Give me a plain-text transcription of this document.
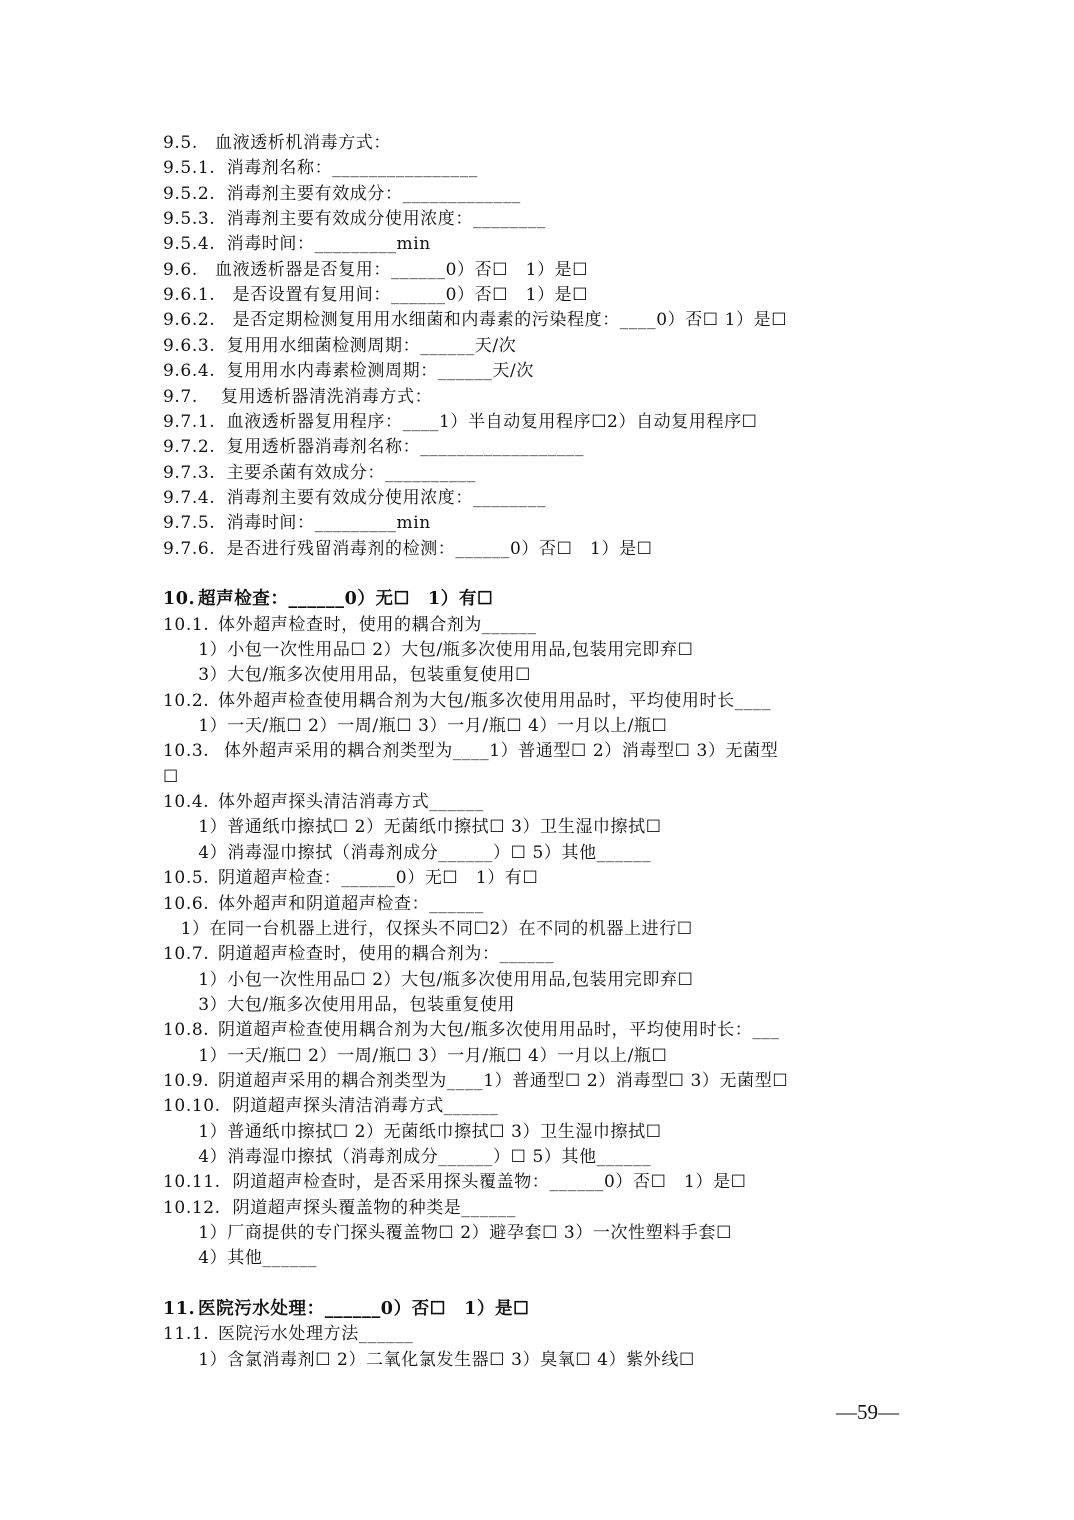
9.5. 血液透析机消毒方式：
9.5.1. 消毒剂名称：________________
9.5.2. 消毒剂主要有效成分：_____________
9.5.3. 消毒剂主要有效成分使用浓度：________
9.5.4. 消毒时间：_________min
9.6. 血液透析器是否复用：______0）否☐　1）是☐
9.6.1. 是否设置有复用间：______0）否☐　1）是☐
9.6.2. 是否定期检测复用用水细菌和内毒素的污染程度：____0）否☐ 1）是☐
9.6.3. 复用用水细菌检测周期：______天/次
9.6.4. 复用用水内毒素检测周期：______天/次
9.7. 复用透析器清洗消毒方式：
9.7.1. 血液透析器复用程序：____1）半自动复用程序☐2）自动复用程序☐
9.7.2. 复用透析器消毒剂名称：__________________
9.7.3. 主要杀菌有效成分：__________
9.7.4. 消毒剂主要有效成分使用浓度：________
9.7.5. 消毒时间：_________min
9.7.6. 是否进行残留消毒剂的检测：______0）否☐　1）是☐
10. 超声检查：______0）无☐　1）有☐
10.1. 体外超声检查时，使用的耦合剂为______
　　1）小包一次性用品☐ 2）大包/瓶多次使用用品,包装用完即弃☐
　　3）大包/瓶多次使用用品，包装重复使用☐
10.2. 体外超声检查使用耦合剂为大包/瓶多次使用用品时，平均使用时长____
　　1）一天/瓶☐ 2）一周/瓶☐ 3）一月/瓶☐ 4）一月以上/瓶☐
10.3. 体外超声采用的耦合剂类型为____1）普通型☐ 2）消毒型☐ 3）无菌型
☐
10.4. 体外超声探头清洁消毒方式______
　　1）普通纸巾擦拭☐ 2）无菌纸巾擦拭☐ 3）卫生湿巾擦拭☐
　　4）消毒湿巾擦拭（消毒剂成分______）☐ 5）其他______
10.5. 阴道超声检查：______0）无☐　1）有☐
10.6. 体外超声和阴道超声检查：______
　1）在同一台机器上进行，仅探头不同☐2）在不同的机器上进行☐
10.7. 阴道超声检查时，使用的耦合剂为：______
　　1）小包一次性用品☐ 2）大包/瓶多次使用用品,包装用完即弃☐
　　3）大包/瓶多次使用用品，包装重复使用
10.8. 阴道超声检查使用耦合剂为大包/瓶多次使用用品时，平均使用时长：___
　　1）一天/瓶☐ 2）一周/瓶☐ 3）一月/瓶☐ 4）一月以上/瓶☐
10.9. 阴道超声采用的耦合剂类型为____1）普通型☐ 2）消毒型☐ 3）无菌型☐
10.10. 阴道超声探头清洁消毒方式______
　　1）普通纸巾擦拭☐ 2）无菌纸巾擦拭☐ 3）卫生湿巾擦拭☐
　　4）消毒湿巾擦拭（消毒剂成分______）☐ 5）其他______
10.11. 阴道超声检查时，是否采用探头覆盖物：______0）否☐　1）是☐
10.12. 阴道超声探头覆盖物的种类是______
　　1）厂商提供的专门探头覆盖物☐ 2）避孕套☐ 3）一次性塑料手套☐
　　4）其他______
11. 医院污水处理：______0）否☐　1）是☐
11.1. 医院污水处理方法______
　　1）含氯消毒剂☐ 2）二氧化氯发生器☐ 3）臭氧☐ 4）紫外线☐
—59—
